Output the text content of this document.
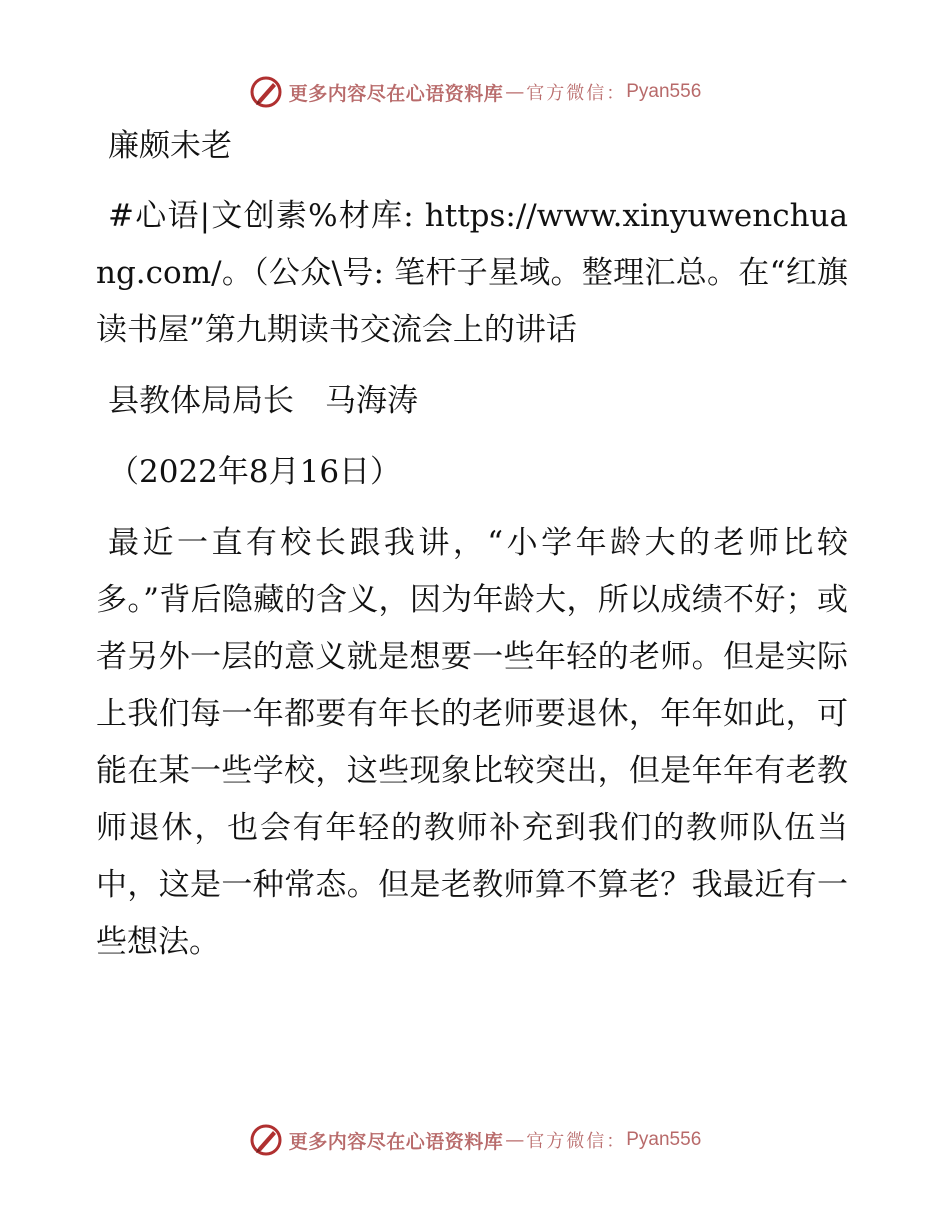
更多内容尽在心语资料库 — 官方微信： Pyan556

廉颇未老

#心语|文创素%材库: https://www.xinyuwenchuang.com/。（公众\号: 笔杆子星域。整理汇总。在“红旗读书屋”第九期读书交流会上的讲话

县教体局局长　马海涛

（2022年8月16日）

最近一直有校长跟我讲，“小学年龄大的老师比较多。”背后隐藏的含义，因为年龄大，所以成绩不好；或者另外一层的意义就是想要一些年轻的老师。但是实际上我们每一年都要有年长的老师要退休，年年如此，可能在某一些学校，这些现象比较突出，但是年年有老教师退休，也会有年轻的教师补充到我们的教师队伍当中，这是一种常态。但是老教师算不算老？我最近有一些想法。

更多内容尽在心语资料库 — 官方微信： Pyan556
